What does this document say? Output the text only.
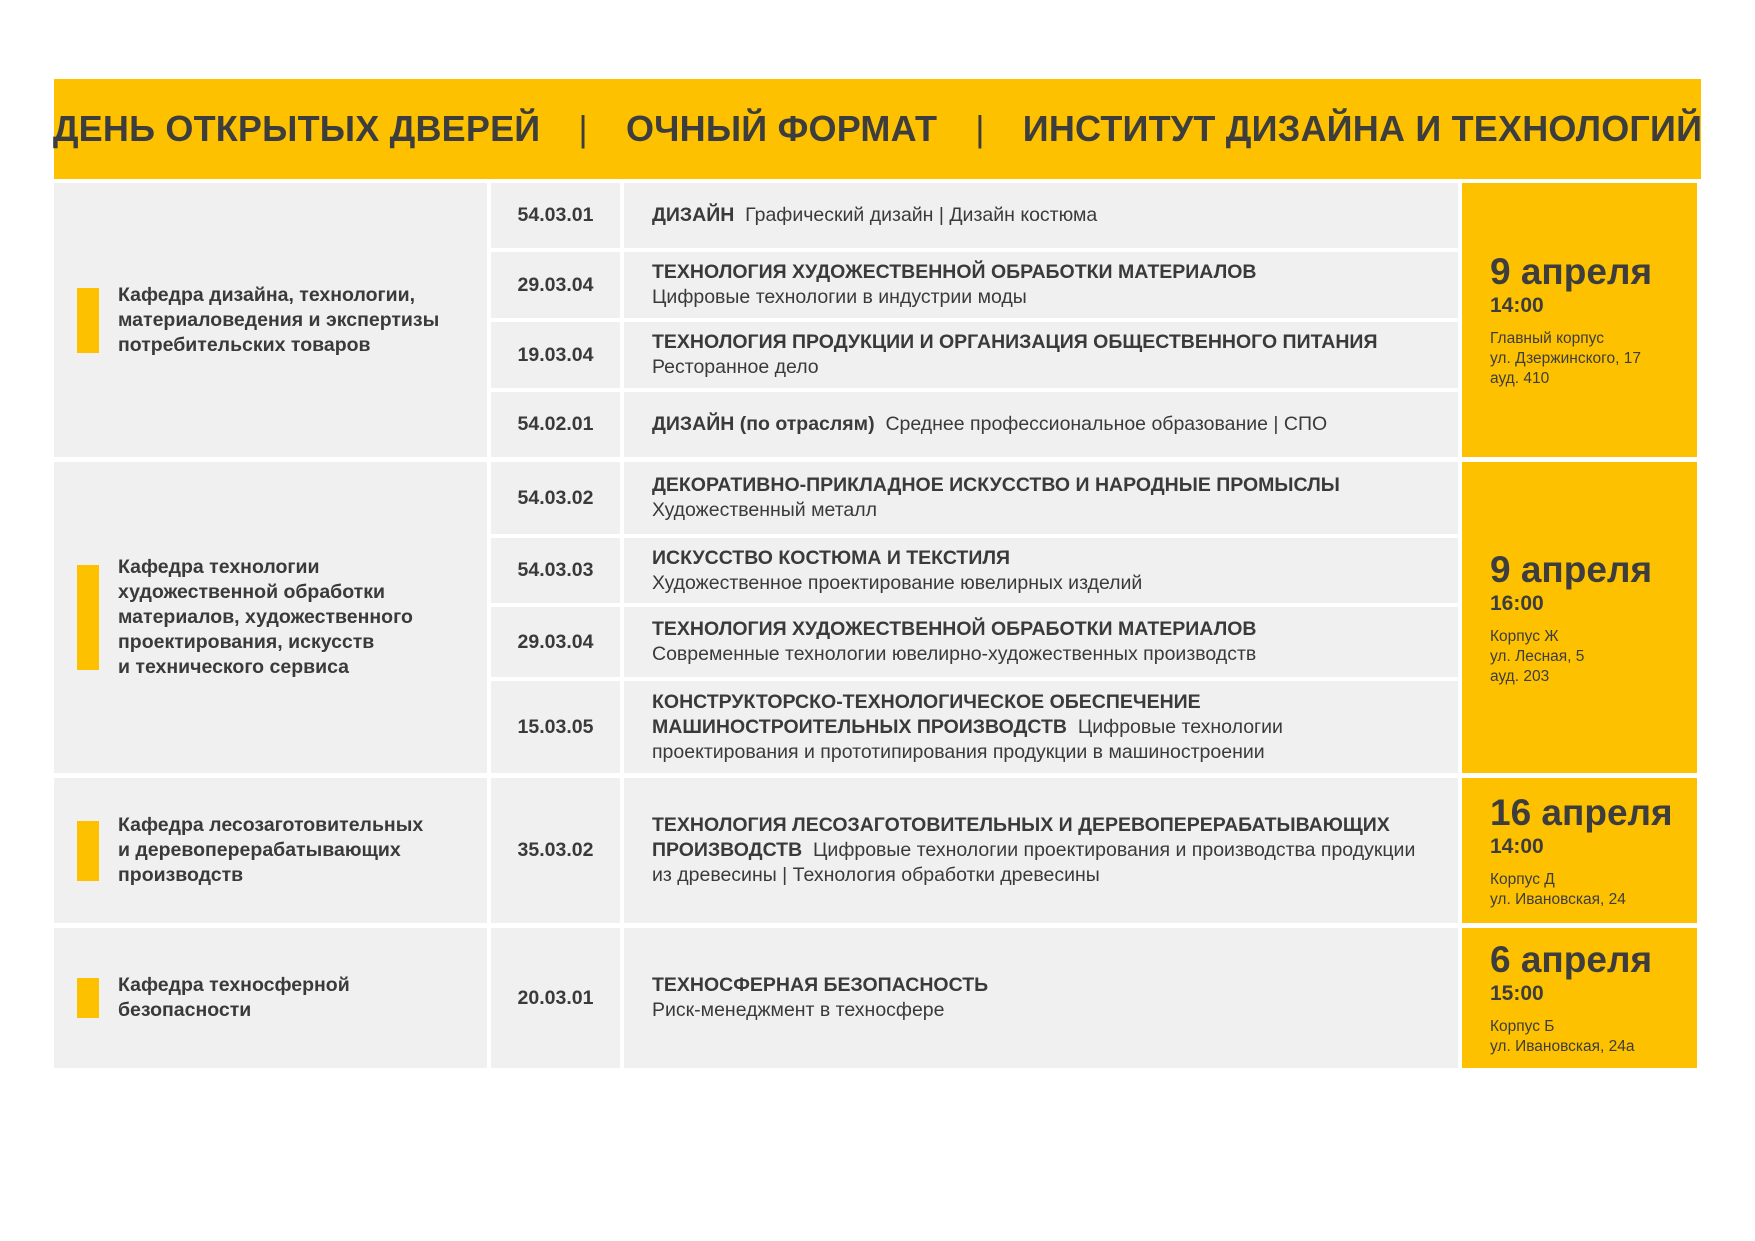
ДЕНЬ ОТКРЫТЫХ ДВЕРЕЙ | ОЧНЫЙ ФОРМАТ | ИНСТИТУТ ДИЗАЙНА И ТЕХНОЛОГИЙ
Кафедра дизайна, технологии,
материаловедения и экспертизы
потребительских товаров
54.03.01	ДИЗАЙН Графический дизайн | Дизайн костюма
29.03.04
ТЕХНОЛОГИЯ ХУДОЖЕСТВЕННОЙ ОБРАБОТКИ МАТЕРИАЛОВ
Цифровые технологии в индустрии моды
19.03.04
ТЕХНОЛОГИЯ ПРОДУКЦИИ И ОРГАНИЗАЦИЯ ОБЩЕСТВЕННОГО ПИТАНИЯ
Ресторанное дело
54.02.01	ДИЗАЙН (по отраслям) Среднее профессиональное образование | СПО
9 апреля
14:00
Главный корпус
ул. Дзержинского, 17
ауд. 410
Кафедра технологии
художественной обработки
материалов, художественного
проектирования, искусств
и технического сервиса
54.03.02
ДЕКОРАТИВНО-ПРИКЛАДНОЕ ИСКУССТВО И НАРОДНЫЕ ПРОМЫСЛЫ
Художественный металл
54.03.03
ИСКУССТВО КОСТЮМА И ТЕКСТИЛЯ
Художественное проектирование ювелирных изделий
29.03.04
ТЕХНОЛОГИЯ ХУДОЖЕСТВЕННОЙ ОБРАБОТКИ МАТЕРИАЛОВ
Современные технологии ювелирно-художественных производств
15.03.05
КОНСТРУКТОРСКО-ТЕХНОЛОГИЧЕСКОЕ ОБЕСПЕЧЕНИЕ МАШИНОСТРОИТЕЛЬНЫХ ПРОИЗВОДСТВ Цифровые технологии проектирования и прототипирования продукции в машиностроении
9 апреля
16:00
Корпус Ж
ул. Лесная, 5
ауд. 203
Кафедра лесозаготовительных
и деревоперерабатывающих
производств
35.03.02
ТЕХНОЛОГИЯ ЛЕСОЗАГОТОВИТЕЛЬНЫХ И ДЕРЕВОПЕРЕРАБАТЫВАЮЩИХ ПРОИЗВОДСТВ Цифровые технологии проектирования и производства продукции из древесины | Технология обработки древесины
16 апреля
14:00
Корпус Д
ул. Ивановская, 24
Кафедра техносферной
безопасности
20.03.01
ТЕХНОСФЕРНАЯ БЕЗОПАСНОСТЬ
Риск-менеджмент в техносфере
6 апреля
15:00
Корпус Б
ул. Ивановская, 24а
